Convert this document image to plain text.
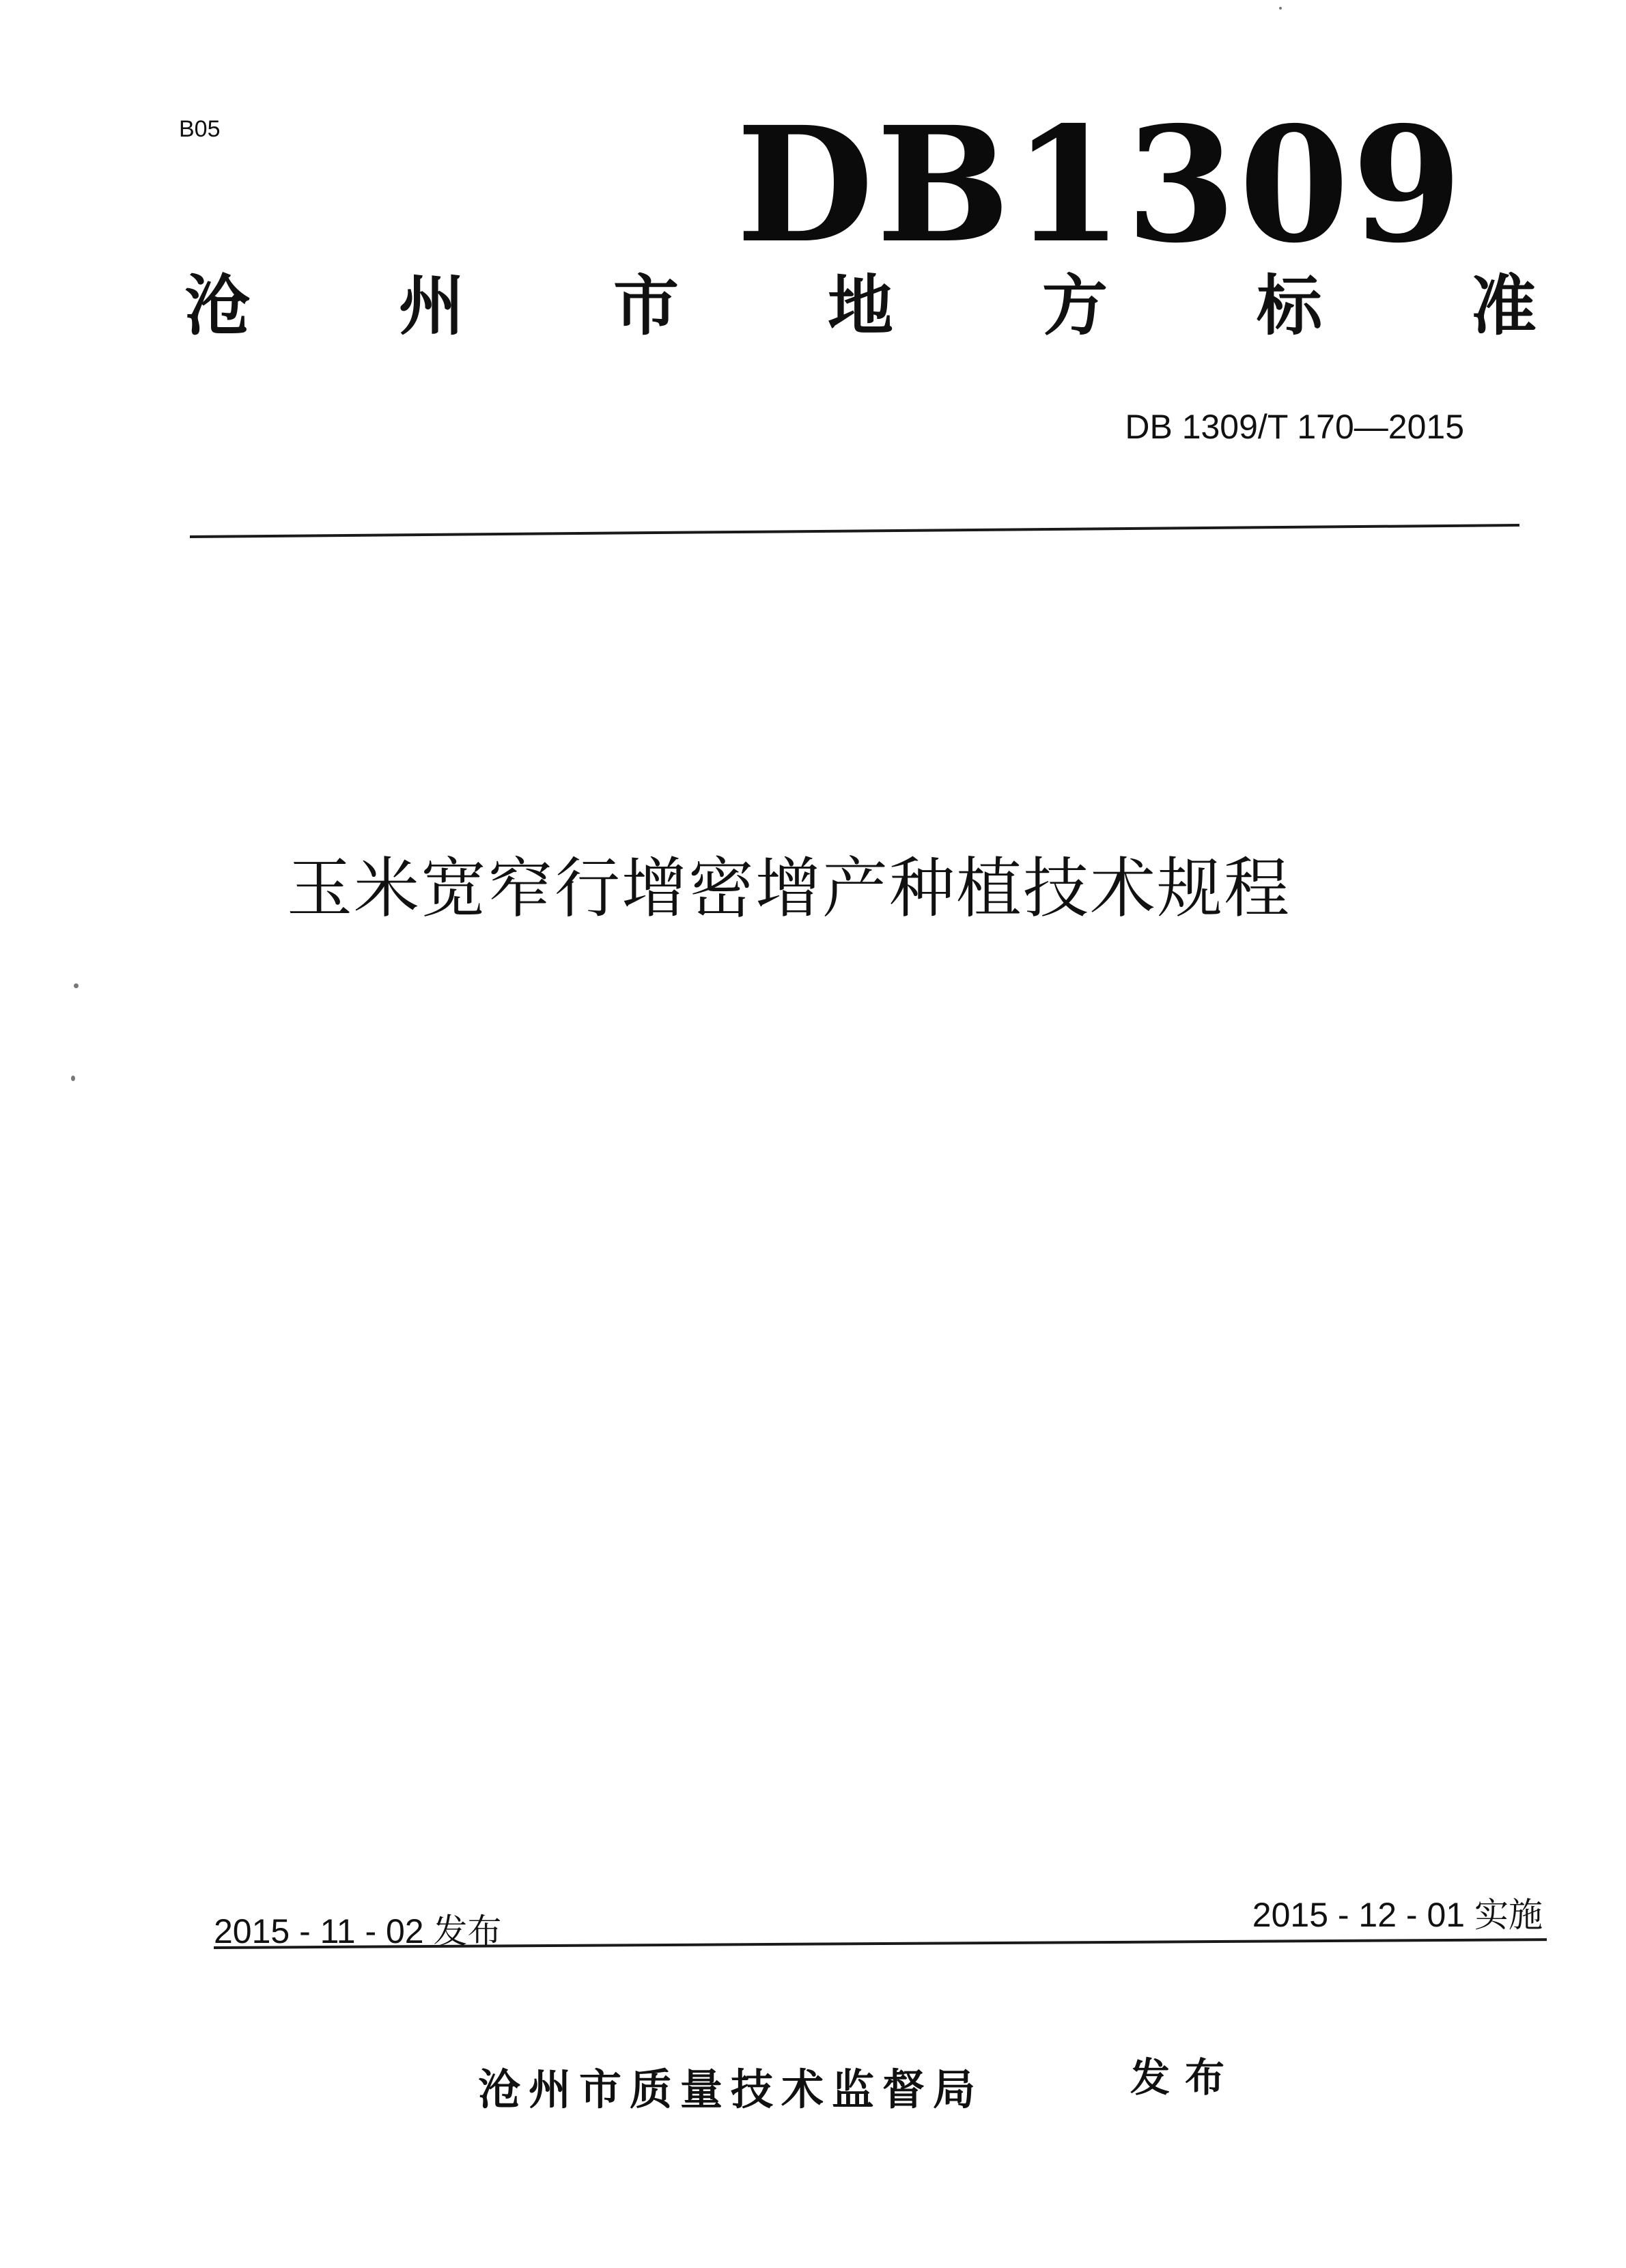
B05	DB1309
沧 州 市 地 方 标 准
DB 1309/T 170—2015
玉米宽窄行增密增产种植技术规程
2015 - 11 - 02 发布	2015 - 12 - 01 实施
沧州市质量技术监督局	发布
